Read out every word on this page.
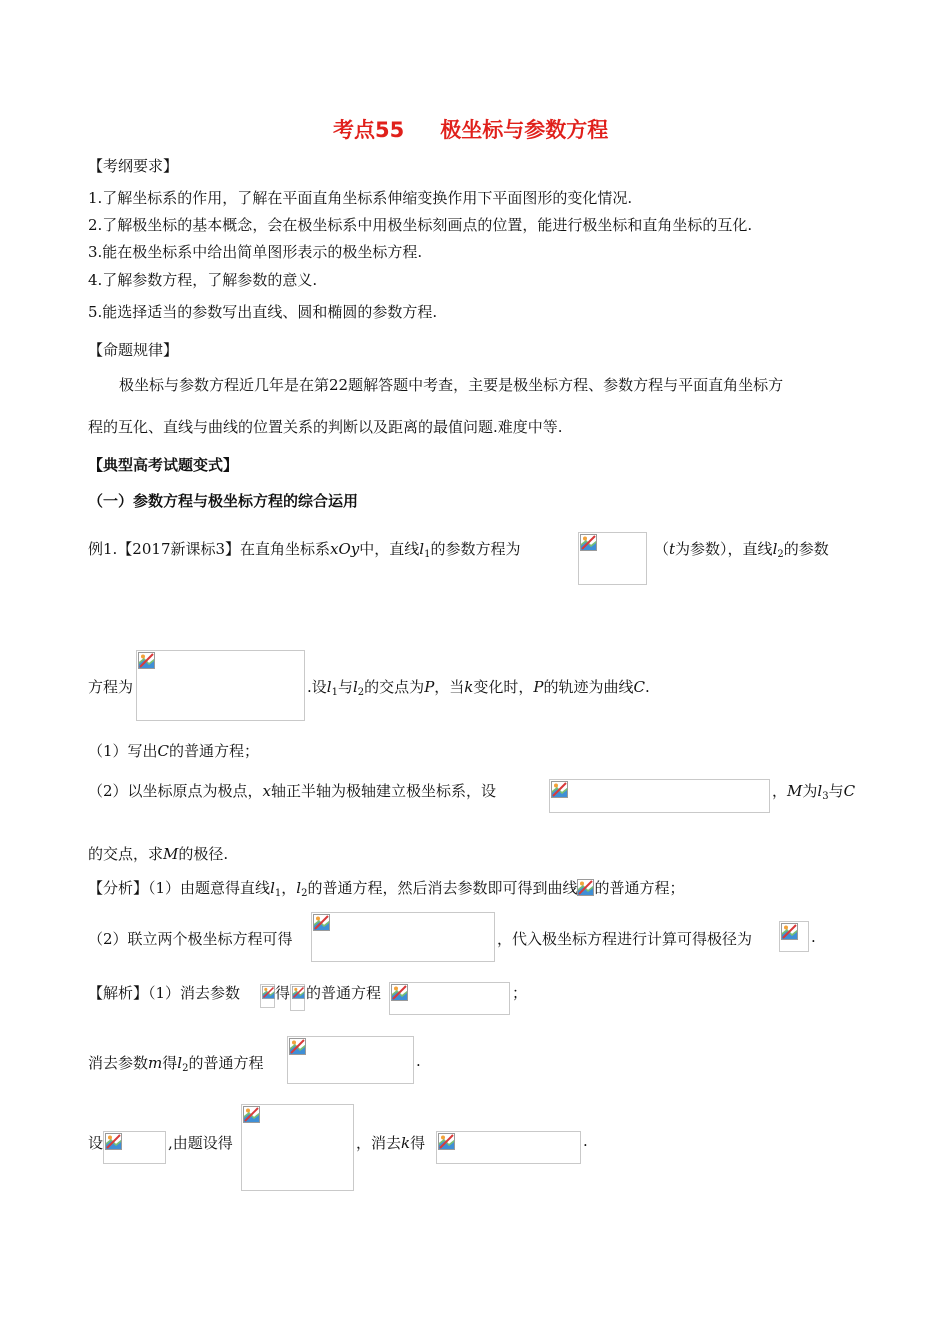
考点55 极坐标与参数方程
【考纲要求】
1.了解坐标系的作用，了解在平面直角坐标系伸缩变换作用下平面图形的变化情况.
2.了解极坐标的基本概念，会在极坐标系中用极坐标刻画点的位置，能进行极坐标和直角坐标的互化.
3.能在极坐标系中给出简单图形表示的极坐标方程.
4.了解参数方程，了解参数的意义.
5.能选择适当的参数写出直线、圆和椭圆的参数方程.
【命题规律】
极坐标与参数方程近几年是在第22题解答题中考查，主要是极坐标方程、参数方程与平面直角坐标方
程的互化、直线与曲线的位置关系的判断以及距离的最值问题.难度中等.
【典型高考试题变式】
（一）参数方程与极坐标方程的综合运用
例1.【2017新课标3】在直角坐标系xOy中，直线$l_1$的参数方程为	（t为参数），直线$l_2$的参数
方程为	.设$l_1$与$l_2$的交点为P，当k变化时，P的轨迹为曲线C.
（1）写出C的普通方程；
（2）以坐标原点为极点，x轴正半轴为极轴建立极坐标系，设	，M为$l_3$与C
的交点，求M的极径.
【分析】（1）由题意得直线$l_1$，$l_2$的普通方程，然后消去参数即可得到曲线 的普通方程；
（2）联立两个极坐标方程可得	，代入极坐标方程进行计算可得极径为	.
【解析】（1）消去参数 得 的普通方程	；
消去参数m得$l_2$的普通方程	.
设	,由题设得	，消去k得	.
